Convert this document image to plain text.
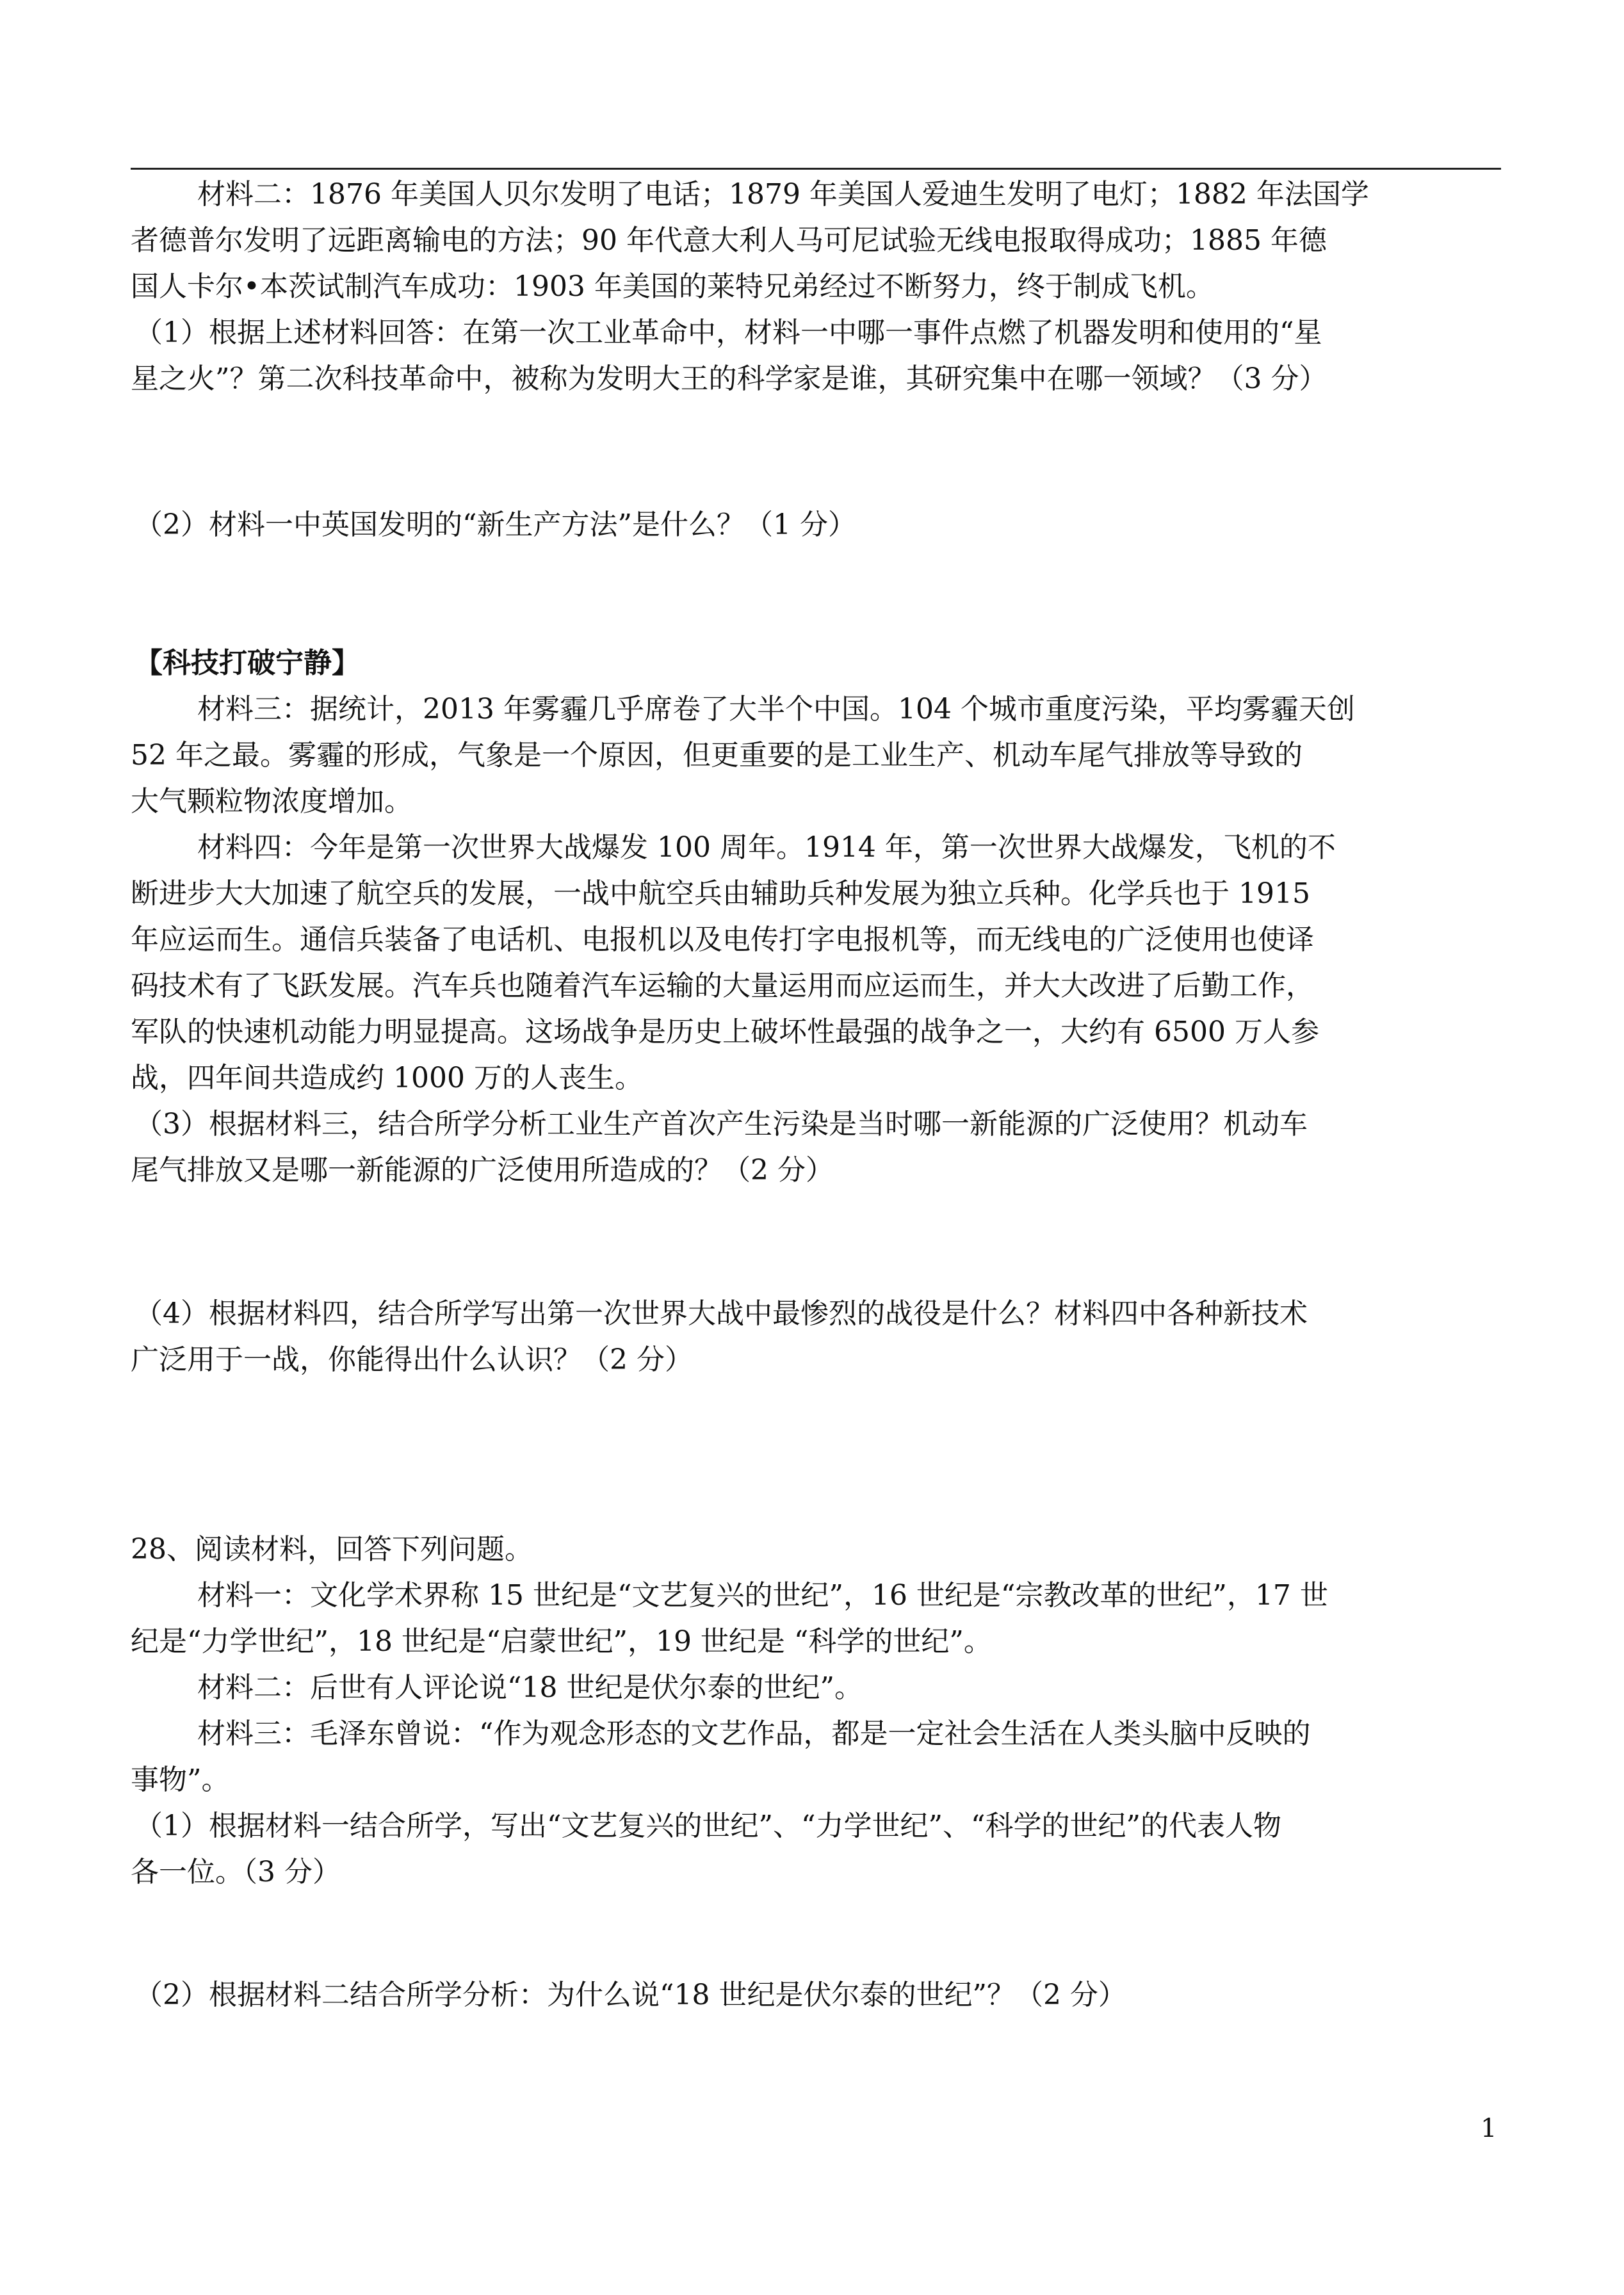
材料二：1876 年美国人贝尔发明了电话；1879 年美国人爱迪生发明了电灯；1882 年法国学

者德普尔发明了远距离输电的方法；90 年代意大利人马可尼试验无线电报取得成功；1885 年德

国人卡尔•本茨试制汽车成功：1903 年美国的莱特兄弟经过不断努力，终于制成飞机。

（1）根据上述材料回答：在第一次工业革命中，材料一中哪一事件点燃了机器发明和使用的“星

星之火”？第二次科技革命中，被称为发明大王的科学家是谁，其研究集中在哪一领域？（3 分）

（2）材料一中英国发明的“新生产方法”是什么？（1 分）

【科技打破宁静】

材料三：据统计，2013 年雾霾几乎席卷了大半个中国。104 个城市重度污染，平均雾霾天创

52 年之最。雾霾的形成，气象是一个原因，但更重要的是工业生产、机动车尾气排放等导致的

大气颗粒物浓度增加。

材料四：今年是第一次世界大战爆发 100 周年。1914 年，第一次世界大战爆发，飞机的不

断进步大大加速了航空兵的发展，一战中航空兵由辅助兵种发展为独立兵种。化学兵也于 1915

年应运而生。通信兵装备了电话机、电报机以及电传打字电报机等，而无线电的广泛使用也使译

码技术有了飞跃发展。汽车兵也随着汽车运输的大量运用而应运而生，并大大改进了后勤工作，

军队的快速机动能力明显提高。这场战争是历史上破坏性最强的战争之一，大约有 6500 万人参

战，四年间共造成约 1000 万的人丧生。

（3）根据材料三，结合所学分析工业生产首次产生污染是当时哪一新能源的广泛使用？机动车

尾气排放又是哪一新能源的广泛使用所造成的？（2 分）

（4）根据材料四，结合所学写出第一次世界大战中最惨烈的战役是什么？材料四中各种新技术

广泛用于一战，你能得出什么认识？（2 分）

28、阅读材料，回答下列问题。

材料一：文化学术界称 15 世纪是“文艺复兴的世纪”，16 世纪是“宗教改革的世纪”，17 世

纪是“力学世纪”，18 世纪是“启蒙世纪”，19 世纪是 “科学的世纪”。

材料二：后世有人评论说“18 世纪是伏尔泰的世纪”。

材料三：毛泽东曾说：“作为观念形态的文艺作品，都是一定社会生活在人类头脑中反映的

事物”。

（1）根据材料一结合所学，写出“文艺复兴的世纪”、“力学世纪”、“科学的世纪”的代表人物

各一位。（3 分）

（2）根据材料二结合所学分析：为什么说“18 世纪是伏尔泰的世纪”？（2 分）

1
